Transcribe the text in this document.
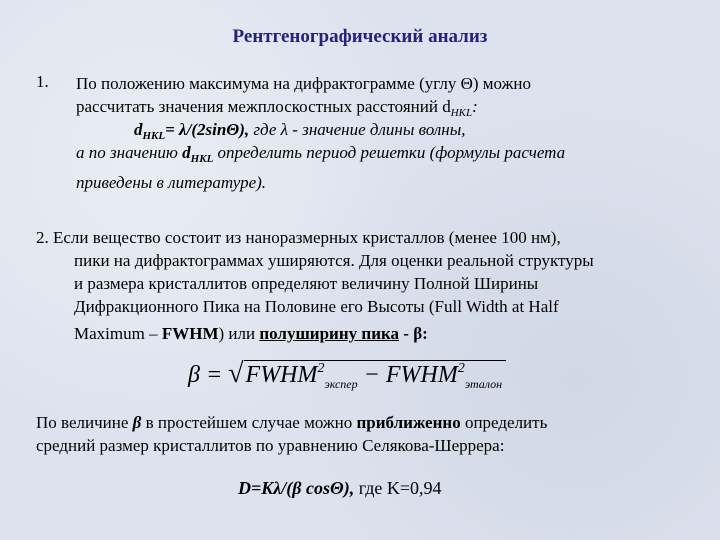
Рентгенографический анализ
1. По положению максимума на дифрактограмме (углу Θ) можно
рассчитать значения межплоскостных расстояний $d_{HKL}$:
$d_{HKL}= \lambda/(2\sin\Theta)$, где λ - значение длины волны,
а по значению $d_{HKL}$ определить период решетки (формулы расчета
приведены в литературе).
2. Если вещество состоит из наноразмерных кристаллов (менее 100 нм),
пики на дифрактограммах уширяются. Для оценки реальной структуры
и размера кристаллитов определяют величину Полной Ширины
Дифракционного Пика на Половине его Высоты (Full Width at Half
Maximum – FWHM) или полуширину пика - β:
$\beta = √FWHM^2_{экспер}$ − $FWHM^2_{эталон}$
По величине β в простейшем случае можно приближенно определить
средний размер кристаллитов по уравнению Селякова-Шеррера:
D=Kλ/(β cosΘ), где K=0,94
